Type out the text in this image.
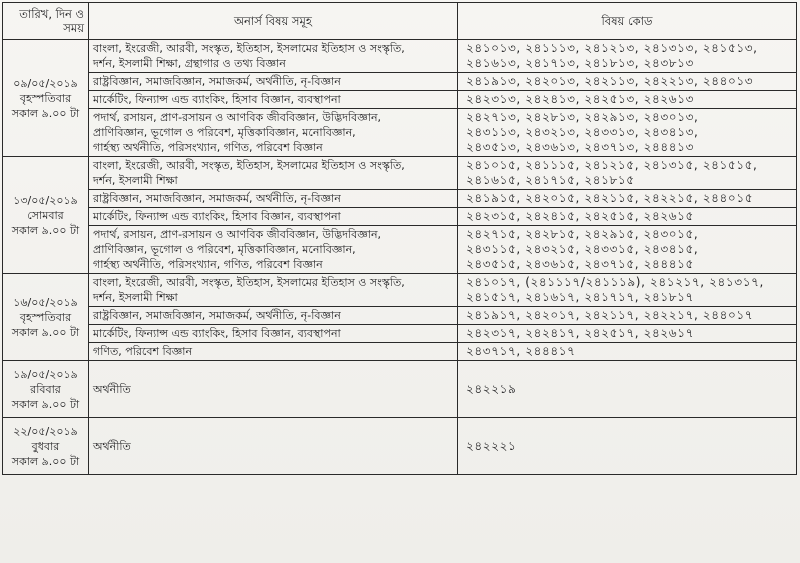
তারিখ, দিন ও
সময়	অনার্স বিষয় সমূহ	বিষয় কোড

০৯/০৫/২০১৯
বৃহস্পতিবার
সকাল ৯.০০ টা	বাংলা, ইংরেজী, আরবী, সংস্কৃত, ইতিহাস, ইসলামের ইতিহাস ও সংস্কৃতি,
দর্শন, ইসলামী শিক্ষা, গ্রন্থাগার ও তথ্য বিজ্ঞান	২৪১০১৩, ২৪১১১৩, ২৪১২১৩, ২৪১৩১৩, ২৪১৫১৩,
২৪১৬১৩, ২৪১৭১৩, ২৪১৮১৩, ২৪৩৮১৩

	রাষ্ট্রবিজ্ঞান, সমাজবিজ্ঞান, সমাজকর্ম, অর্থনীতি, নৃ-বিজ্ঞান	২৪১৯১৩, ২৪২০১৩, ২৪২১১৩, ২৪২২১৩, ২৪৪০১৩

	মার্কেটিং, ফিন্যান্স এন্ড ব্যাংকিং, হিসাব বিজ্ঞান, ব্যবস্থাপনা	২৪২৩১৩, ২৪২৪১৩, ২৪২৫১৩, ২৪২৬১৩

	পদার্থ, রসায়ন, প্রাণ-রসায়ন ও আণবিক জীববিজ্ঞান, উদ্ভিদবিজ্ঞান,
প্রাণিবিজ্ঞান, ভূগোল ও পরিবেশ, মৃত্তিকাবিজ্ঞান, মনোবিজ্ঞান,
গার্হস্থ্য অর্থনীতি, পরিসংখ্যান, গণিত, পরিবেশ বিজ্ঞান	২৪২৭১৩, ২৪২৮১৩, ২৪২৯১৩, ২৪৩০১৩,
২৪৩১১৩, ২৪৩২১৩, ২৪৩৩১৩, ২৪৩৪১৩,
২৪৩৫১৩, ২৪৩৬১৩, ২৪৩৭১৩, ২৪৪৪১৩

১৩/০৫/২০১৯
সোমবার
সকাল ৯.০০ টা	বাংলা, ইংরেজী, আরবী, সংস্কৃত, ইতিহাস, ইসলামের ইতিহাস ও সংস্কৃতি,
দর্শন, ইসলামী শিক্ষা	২৪১০১৫, ২৪১১১৫, ২৪১২১৫, ২৪১৩১৫, ২৪১৫১৫,
২৪১৬১৫, ২৪১৭১৫, ২৪১৮১৫

	রাষ্ট্রবিজ্ঞান, সমাজবিজ্ঞান, সমাজকর্ম, অর্থনীতি, নৃ-বিজ্ঞান	২৪১৯১৫, ২৪২০১৫, ২৪২১১৫, ২৪২২১৫, ২৪৪০১৫

	মার্কেটিং, ফিন্যান্স এন্ড ব্যাংকিং, হিসাব বিজ্ঞান, ব্যবস্থাপনা	২৪২৩১৫, ২৪২৪১৫, ২৪২৫১৫, ২৪২৬১৫

	পদার্থ, রসায়ন, প্রাণ-রসায়ন ও আণবিক জীববিজ্ঞান, উদ্ভিদবিজ্ঞান,
প্রাণিবিজ্ঞান, ভূগোল ও পরিবেশ, মৃত্তিকাবিজ্ঞান, মনোবিজ্ঞান,
গার্হস্থ্য অর্থনীতি, পরিসংখ্যান, গণিত, পরিবেশ বিজ্ঞান	২৪২৭১৫, ২৪২৮১৫, ২৪২৯১৫, ২৪৩০১৫,
২৪৩১১৫, ২৪৩২১৫, ২৪৩৩১৫, ২৪৩৪১৫,
২৪৩৫১৫, ২৪৩৬১৫, ২৪৩৭১৫, ২৪৪৪১৫

১৬/০৫/২০১৯
বৃহস্পতিবার
সকাল ৯.০০ টা	বাংলা, ইংরেজী, আরবী, সংস্কৃত, ইতিহাস, ইসলামের ইতিহাস ও সংস্কৃতি,
দর্শন, ইসলামী শিক্ষা	২৪১০১৭, (২৪১১১৭/২৪১১১৯), ২৪১২১৭, ২৪১৩১৭,
২৪১৫১৭, ২৪১৬১৭, ২৪১৭১৭, ২৪১৮১৭

	রাষ্ট্রবিজ্ঞান, সমাজবিজ্ঞান, সমাজকর্ম, অর্থনীতি, নৃ-বিজ্ঞান	২৪১৯১৭, ২৪২০১৭, ২৪২১১৭, ২৪২২১৭, ২৪৪০১৭

	মার্কেটিং, ফিন্যান্স এন্ড ব্যাংকিং, হিসাব বিজ্ঞান, ব্যবস্থাপনা	২৪২৩১৭, ২৪২৪১৭, ২৪২৫১৭, ২৪২৬১৭

	গণিত, পরিবেশ বিজ্ঞান	২৪৩৭১৭, ২৪৪৪১৭

১৯/০৫/২০১৯
রবিবার
সকাল ৯.০০ টা	অর্থনীতি	২৪২২১৯

২২/০৫/২০১৯
বুধবার
সকাল ৯.০০ টা	অর্থনীতি	২৪২২২১
